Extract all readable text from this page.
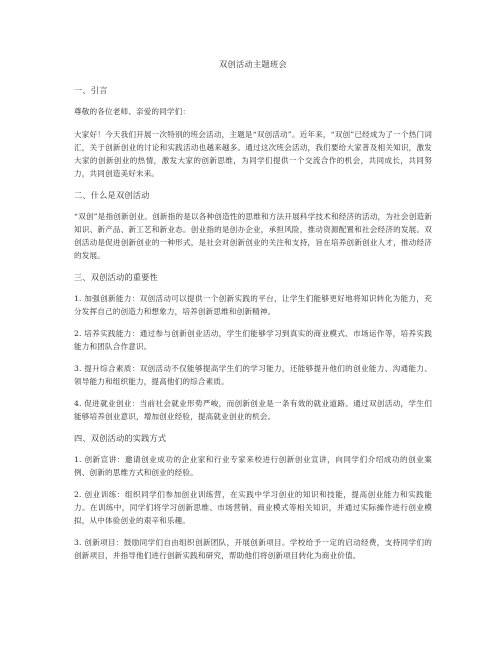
双创活动主题班会
一、引言
尊敬的各位老师、亲爱的同学们：
大家好！今天我们开展一次特别的班会活动，主题是“双创活动”。近年来，“双创”已经成为了一个热门词汇，关于创新创业的讨论和实践活动也越来越多。通过这次班会活动，我们要给大家普及相关知识，激发大家的创新创业的热情，激发大家的创新思维，为同学们提供一个交流合作的机会，共同成长，共同努力，共同创造美好未来。
二、什么是双创活动
“双创”是指创新创业。创新指的是以各种创造性的思维和方法开展科学技术和经济的活动，为社会创造新知识、新产品、新工艺和新业态。创业指的是创办企业，承担风险，推动资源配置和社会经济的发展。双创活动是促进创新创业的一种形式，是社会对创新创业的关注和支持，旨在培养创新创业人才，推动经济的发展。
三、双创活动的重要性
1. 加强创新能力：双创活动可以提供一个创新实践的平台，让学生们能够更好地将知识转化为能力，充分发挥自己的创造力和想象力，培养创新思维和创新精神。
2. 培养实践能力：通过参与创新创业活动，学生们能够学习到真实的商业模式、市场运作等，培养实践能力和团队合作意识。
3. 提升综合素质：双创活动不仅能够提高学生们的学习能力，还能够提升他们的创业能力、沟通能力、领导能力和组织能力，提高他们的综合素质。
4. 促进就业创业：当前社会就业形势严峻，而创新创业是一条有效的就业道路。通过双创活动，学生们能够培养创业意识，增加创业经验，提高就业创业的机会。
四、双创活动的实践方式
1. 创新宣讲：邀请创业成功的企业家和行业专家来校进行创新创业宣讲，向同学们介绍成功的创业案例、创新的思维方式和创业的经验。
2. 创业训练：组织同学们参加创业训练营，在实践中学习创业的知识和技能，提高创业能力和实践能力。在训练中，同学们将学习创新思维、市场营销、商业模式等相关知识，并通过实际操作进行创业模拟，从中体验创业的艰辛和乐趣。
3. 创新项目：鼓励同学们自由组织创新团队，开展创新项目。学校给予一定的启动经费，支持同学们的创新项目，并指导他们进行创新实践和研究，帮助他们将创新项目转化为商业价值。
